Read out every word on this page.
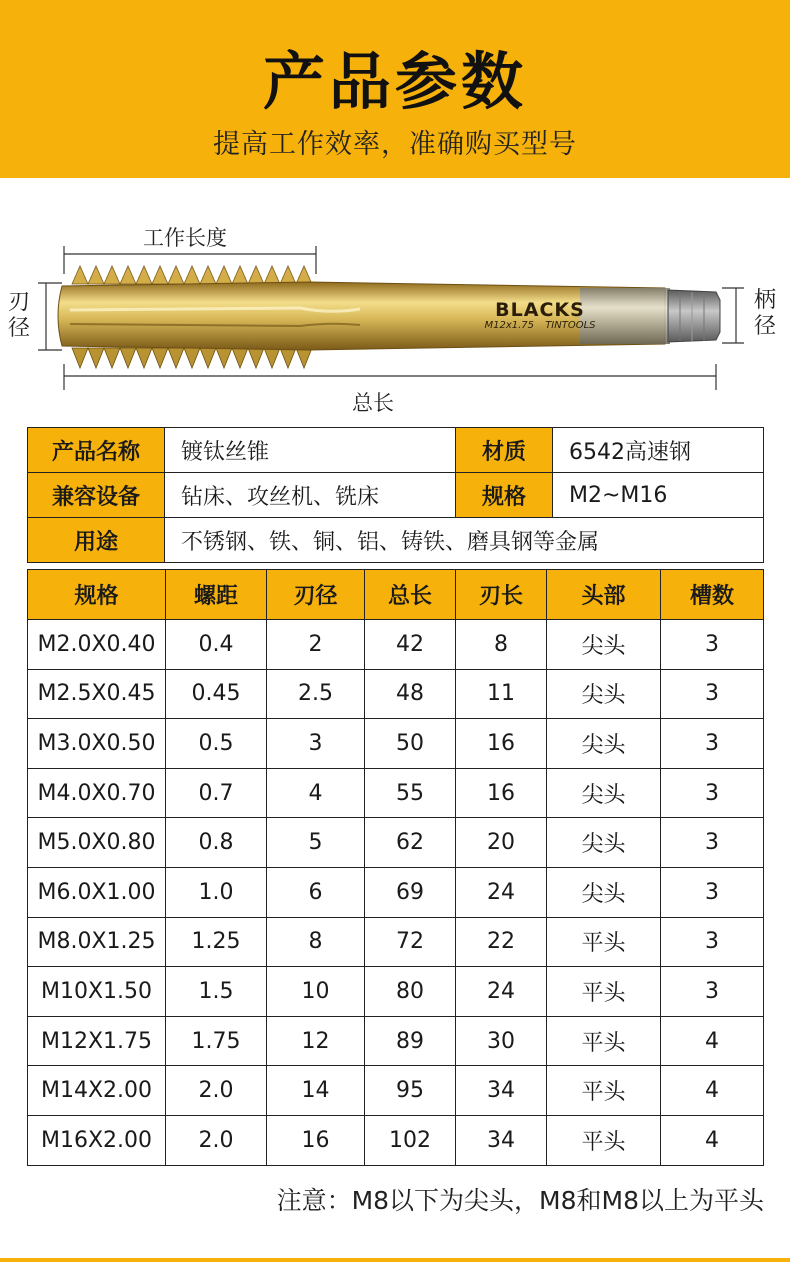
产品参数

提高工作效率，准确购买型号

BLACKS
M12x1.75 TINTOOLS
工作长度
刃
径
柄
径
总长
产品名称	镀钛丝锥	材质	6542高速钢
兼容设备	钻床、攻丝机、铣床	规格	M2~M16
用途	不锈钢、铁、铜、铝、铸铁、磨具钢等金属		
规格	螺距	刃径	总长	刃长	头部	槽数
M2.0X0.40	0.4	2	42	8	尖头	3
M2.5X0.45	0.45	2.5	48	11	尖头	3
M3.0X0.50	0.5	3	50	16	尖头	3
M4.0X0.70	0.7	4	55	16	尖头	3
M5.0X0.80	0.8	5	62	20	尖头	3
M6.0X1.00	1.0	6	69	24	尖头	3
M8.0X1.25	1.25	8	72	22	平头	3
M10X1.50	1.5	10	80	24	平头	3
M12X1.75	1.75	12	89	30	平头	4
M14X2.00	2.0	14	95	34	平头	4
M16X2.00	2.0	16	102	34	平头	4
注意：M8以下为尖头，M8和M8以上为平头
